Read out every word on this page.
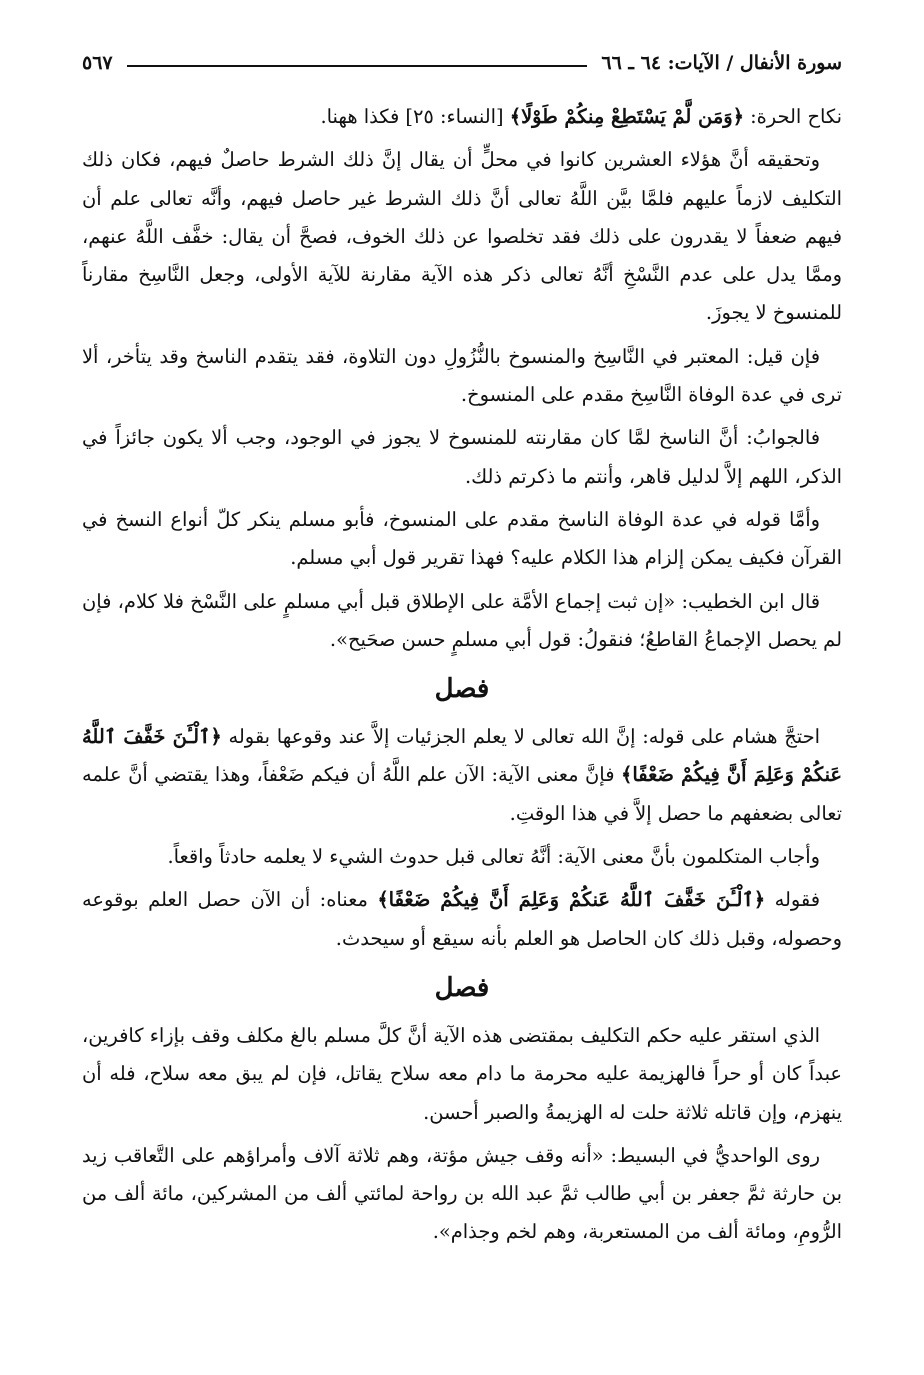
سورة الأنفال / الآيات: ٦٤ ـ ٦٦
٥٦٧

نكاح الحرة: ﴿وَمَن لَّمْ يَسْتَطِعْ مِنكُمْ طَوْلًا﴾ [النساء: ٢٥] فكذا ههنا.

وتحقيقه أنَّ هؤلاء العشرين كانوا في محلٍّ أن يقال إنَّ ذلك الشرط حاصلٌ فيهم، فكان ذلك التكليف لازماً عليهم فلمَّا بيَّن اللَّهُ تعالى أنَّ ذلك الشرط غير حاصل فيهم، وأنَّه تعالى علم أن فيهم ضعفاً لا يقدرون على ذلك فقد تخلصوا عن ذلك الخوف، فصحَّ أن يقال: خفَّف اللَّهُ عنهم، وممَّا يدل على عدم النَّسْخِ أنَّهُ تعالى ذكر هذه الآية مقارنة للآية الأولى، وجعل النَّاسِخ مقارناً للمنسوخ لا يجوزَ.

فإن قيل: المعتبر في النَّاسِخ والمنسوخ بالنُّزُولِ دون التلاوة، فقد يتقدم الناسخ وقد يتأخر، ألا ترى في عدة الوفاة النَّاسِخ مقدم على المنسوخ.

فالجوابُ: أنَّ الناسخ لمَّا كان مقارنته للمنسوخ لا يجوز في الوجود، وجب ألا يكون جائزاً في الذكر، اللهم إلاَّ لدليل قاهر، وأنتم ما ذكرتم ذلك.

وأمَّا قوله في عدة الوفاة الناسخ مقدم على المنسوخ، فأبو مسلم ينكر كلّ أنواع النسخ في القرآن فكيف يمكن إلزام هذا الكلام عليه؟ فهذا تقرير قول أبي مسلم.

قال ابن الخطيب: «إن ثبت إجماع الأمَّة على الإطلاق قبل أبي مسلمٍ على النَّسْخ فلا كلام، فإن لم يحصل الإجماعُ القاطعُ؛ فنقولُ: قول أبي مسلمٍ حسن صحَيح».

فصل

احتجَّ هشام على قوله: إنَّ الله تعالى لا يعلم الجزئيات إلاَّ عند وقوعها بقوله ﴿ٱلْـَٔنَ خَفَّفَ ٱللَّهُ عَنكُمْ وَعَلِمَ أَنَّ فِيكُمْ ضَعْفًا﴾ فإنَّ معنى الآية: الآن علم اللَّهُ أن فيكم ضَعْفاً، وهذا يقتضي أنَّ علمه تعالى بضعفهم ما حصل إلاَّ في هذا الوقتِ.

وأجاب المتكلمون بأنَّ معنى الآية: أنَّهُ تعالى قبل حدوث الشيء لا يعلمه حادثاً واقعاً.

فقوله ﴿ٱلْـَٔنَ خَفَّفَ ٱللَّهُ عَنكُمْ وَعَلِمَ أَنَّ فِيكُمْ ضَعْفًا﴾ معناه: أن الآن حصل العلم بوقوعه وحصوله، وقبل ذلك كان الحاصل هو العلم بأنه سيقع أو سيحدث.

فصل

الذي استقر عليه حكم التكليف بمقتضى هذه الآية أنَّ كلَّ مسلم بالغ مكلف وقف بإزاء كافرين، عبداً كان أو حراً فالهزيمة عليه محرمة ما دام معه سلاح يقاتل، فإن لم يبق معه سلاح، فله أن ينهزم، وإن قاتله ثلاثة حلت له الهزيمةُ والصبر أحسن.

روى الواحديُّ في البسيط: «أنه وقف جيش مؤتة، وهم ثلاثة آلاف وأمراؤهم على التَّعاقب زيد بن حارثة ثمَّ جعفر بن أبي طالب ثمَّ عبد الله بن رواحة لمائتي ألف من المشركين، مائة ألف من الرُّومِ، ومائة ألف من المستعربة، وهم لخم وجذام».
